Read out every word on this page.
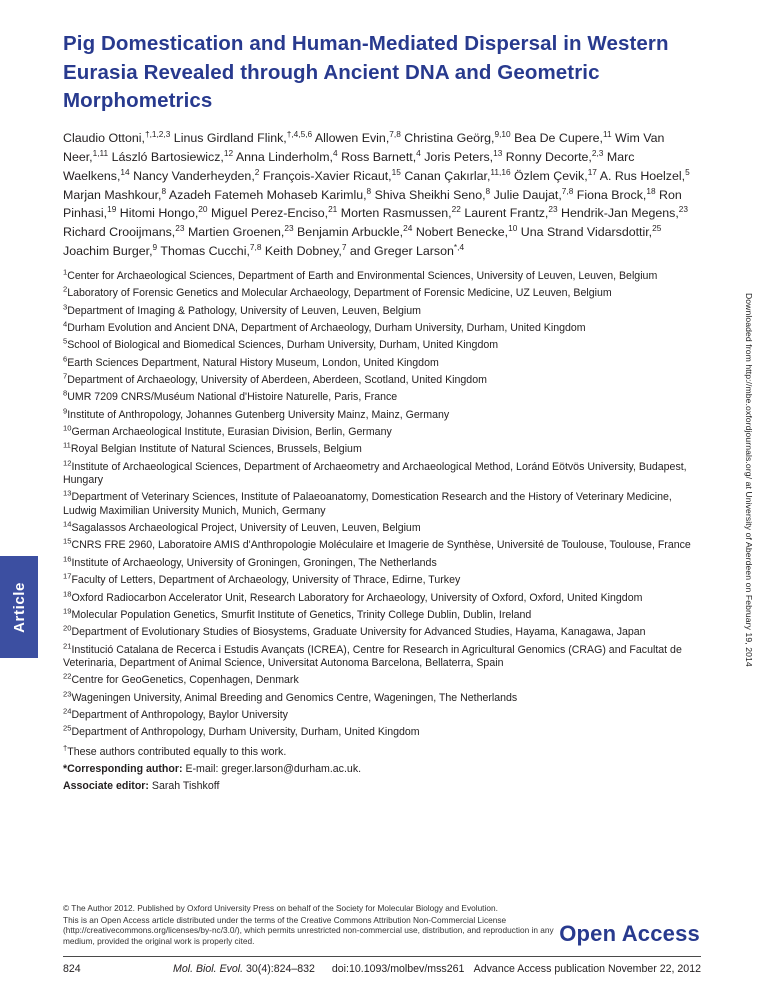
Pig Domestication and Human-Mediated Dispersal in Western Eurasia Revealed through Ancient DNA and Geometric Morphometrics

Claudio Ottoni,$^{\dagger,1,2,3}$ Linus Girdland Flink,$^{\dagger,4,5,6}$ Allowen Evin,$^{7,8}$ Christina Geörg,$^{9,10}$ Bea De Cupere,$^{11}$ Wim Van Neer,$^{1,11}$ László Bartosiewicz,$^{12}$ Anna Linderholm,$^4$ Ross Barnett,$^4$ Joris Peters,$^{13}$ Ronny Decorte,$^{2,3}$ Marc Waelkens,$^{14}$ Nancy Vanderheyden,$^2$ François-Xavier Ricaut,$^{15}$ Canan Çakırlar,$^{11,16}$ Özlem Çevik,$^{17}$ A. Rus Hoelzel,$^5$ Marjan Mashkour,$^8$ Azadeh Fatemeh Mohaseb Karimlu,$^8$ Shiva Sheikhi Seno,$^8$ Julie Daujat,$^{7,8}$ Fiona Brock,$^{18}$ Ron Pinhasi,$^{19}$ Hitomi Hongo,$^{20}$ Miguel Perez-Enciso,$^{21}$ Morten Rasmussen,$^{22}$ Laurent Frantz,$^{23}$ Hendrik-Jan Megens,$^{23}$ Richard Crooijmans,$^{23}$ Martien Groenen,$^{23}$ Benjamin Arbuckle,$^{24}$ Nobert Benecke,$^{10}$ Una Strand Vidarsdottir,$^{25}$ Joachim Burger,$^9$ Thomas Cucchi,$^{7,8}$ Keith Dobney,$^7$ and Greger Larson$^{*,4}$

$^1$Center for Archaeological Sciences, Department of Earth and Environmental Sciences, University of Leuven, Leuven, Belgium
$^2$Laboratory of Forensic Genetics and Molecular Archaeology, Department of Forensic Medicine, UZ Leuven, Belgium
$^3$Department of Imaging & Pathology, University of Leuven, Leuven, Belgium
$^4$Durham Evolution and Ancient DNA, Department of Archaeology, Durham University, Durham, United Kingdom
$^5$School of Biological and Biomedical Sciences, Durham University, Durham, United Kingdom
$^6$Earth Sciences Department, Natural History Museum, London, United Kingdom
$^7$Department of Archaeology, University of Aberdeen, Aberdeen, Scotland, United Kingdom
$^8$UMR 7209 CNRS/Muséum National d'Histoire Naturelle, Paris, France
$^9$Institute of Anthropology, Johannes Gutenberg University Mainz, Mainz, Germany
$^{10}$German Archaeological Institute, Eurasian Division, Berlin, Germany
$^{11}$Royal Belgian Institute of Natural Sciences, Brussels, Belgium
$^{12}$Institute of Archaeological Sciences, Department of Archaeometry and Archaeological Method, Loránd Eötvös University, Budapest, Hungary
$^{13}$Department of Veterinary Sciences, Institute of Palaeoanatomy, Domestication Research and the History of Veterinary Medicine, Ludwig Maximilian University Munich, Munich, Germany
$^{14}$Sagalassos Archaeological Project, University of Leuven, Leuven, Belgium
$^{15}$CNRS FRE 2960, Laboratoire AMIS d'Anthropologie Moléculaire et Imagerie de Synthèse, Université de Toulouse, Toulouse, France
$^{16}$Institute of Archaeology, University of Groningen, Groningen, The Netherlands
$^{17}$Faculty of Letters, Department of Archaeology, University of Thrace, Edirne, Turkey
$^{18}$Oxford Radiocarbon Accelerator Unit, Research Laboratory for Archaeology, University of Oxford, Oxford, United Kingdom
$^{19}$Molecular Population Genetics, Smurfit Institute of Genetics, Trinity College Dublin, Dublin, Ireland
$^{20}$Department of Evolutionary Studies of Biosystems, Graduate University for Advanced Studies, Hayama, Kanagawa, Japan
$^{21}$Institució Catalana de Recerca i Estudis Avançats (ICREA), Centre for Research in Agricultural Genomics (CRAG) and Facultat de Veterinaria, Department of Animal Science, Universitat Autonoma Barcelona, Bellaterra, Spain
$^{22}$Centre for GeoGenetics, Copenhagen, Denmark
$^{23}$Wageningen University, Animal Breeding and Genomics Centre, Wageningen, The Netherlands
$^{24}$Department of Anthropology, Baylor University
$^{25}$Department of Anthropology, Durham University, Durham, United Kingdom
†These authors contributed equally to this work.
*Corresponding author: E-mail: greger.larson@durham.ac.uk.
Associate editor: Sarah Tishkoff
Article	Downloaded from http://mbe.oxfordjournals.org/ at University of Aberdeen on February 19, 2014

© The Author 2012. Published by Oxford University Press on behalf of the Society for Molecular Biology and Evolution.

This is an Open Access article distributed under the terms of the Creative Commons Attribution Non-Commercial License (http://creativecommons.org/licenses/by-nc/3.0/), which permits unrestricted non-commercial use, distribution, and reproduction in any medium, provided the original work is properly cited.	Open Access
824	Mol. Biol. Evol. 30(4):824–832 doi:10.1093/molbev/mss261 Advance Access publication November 22, 2012
